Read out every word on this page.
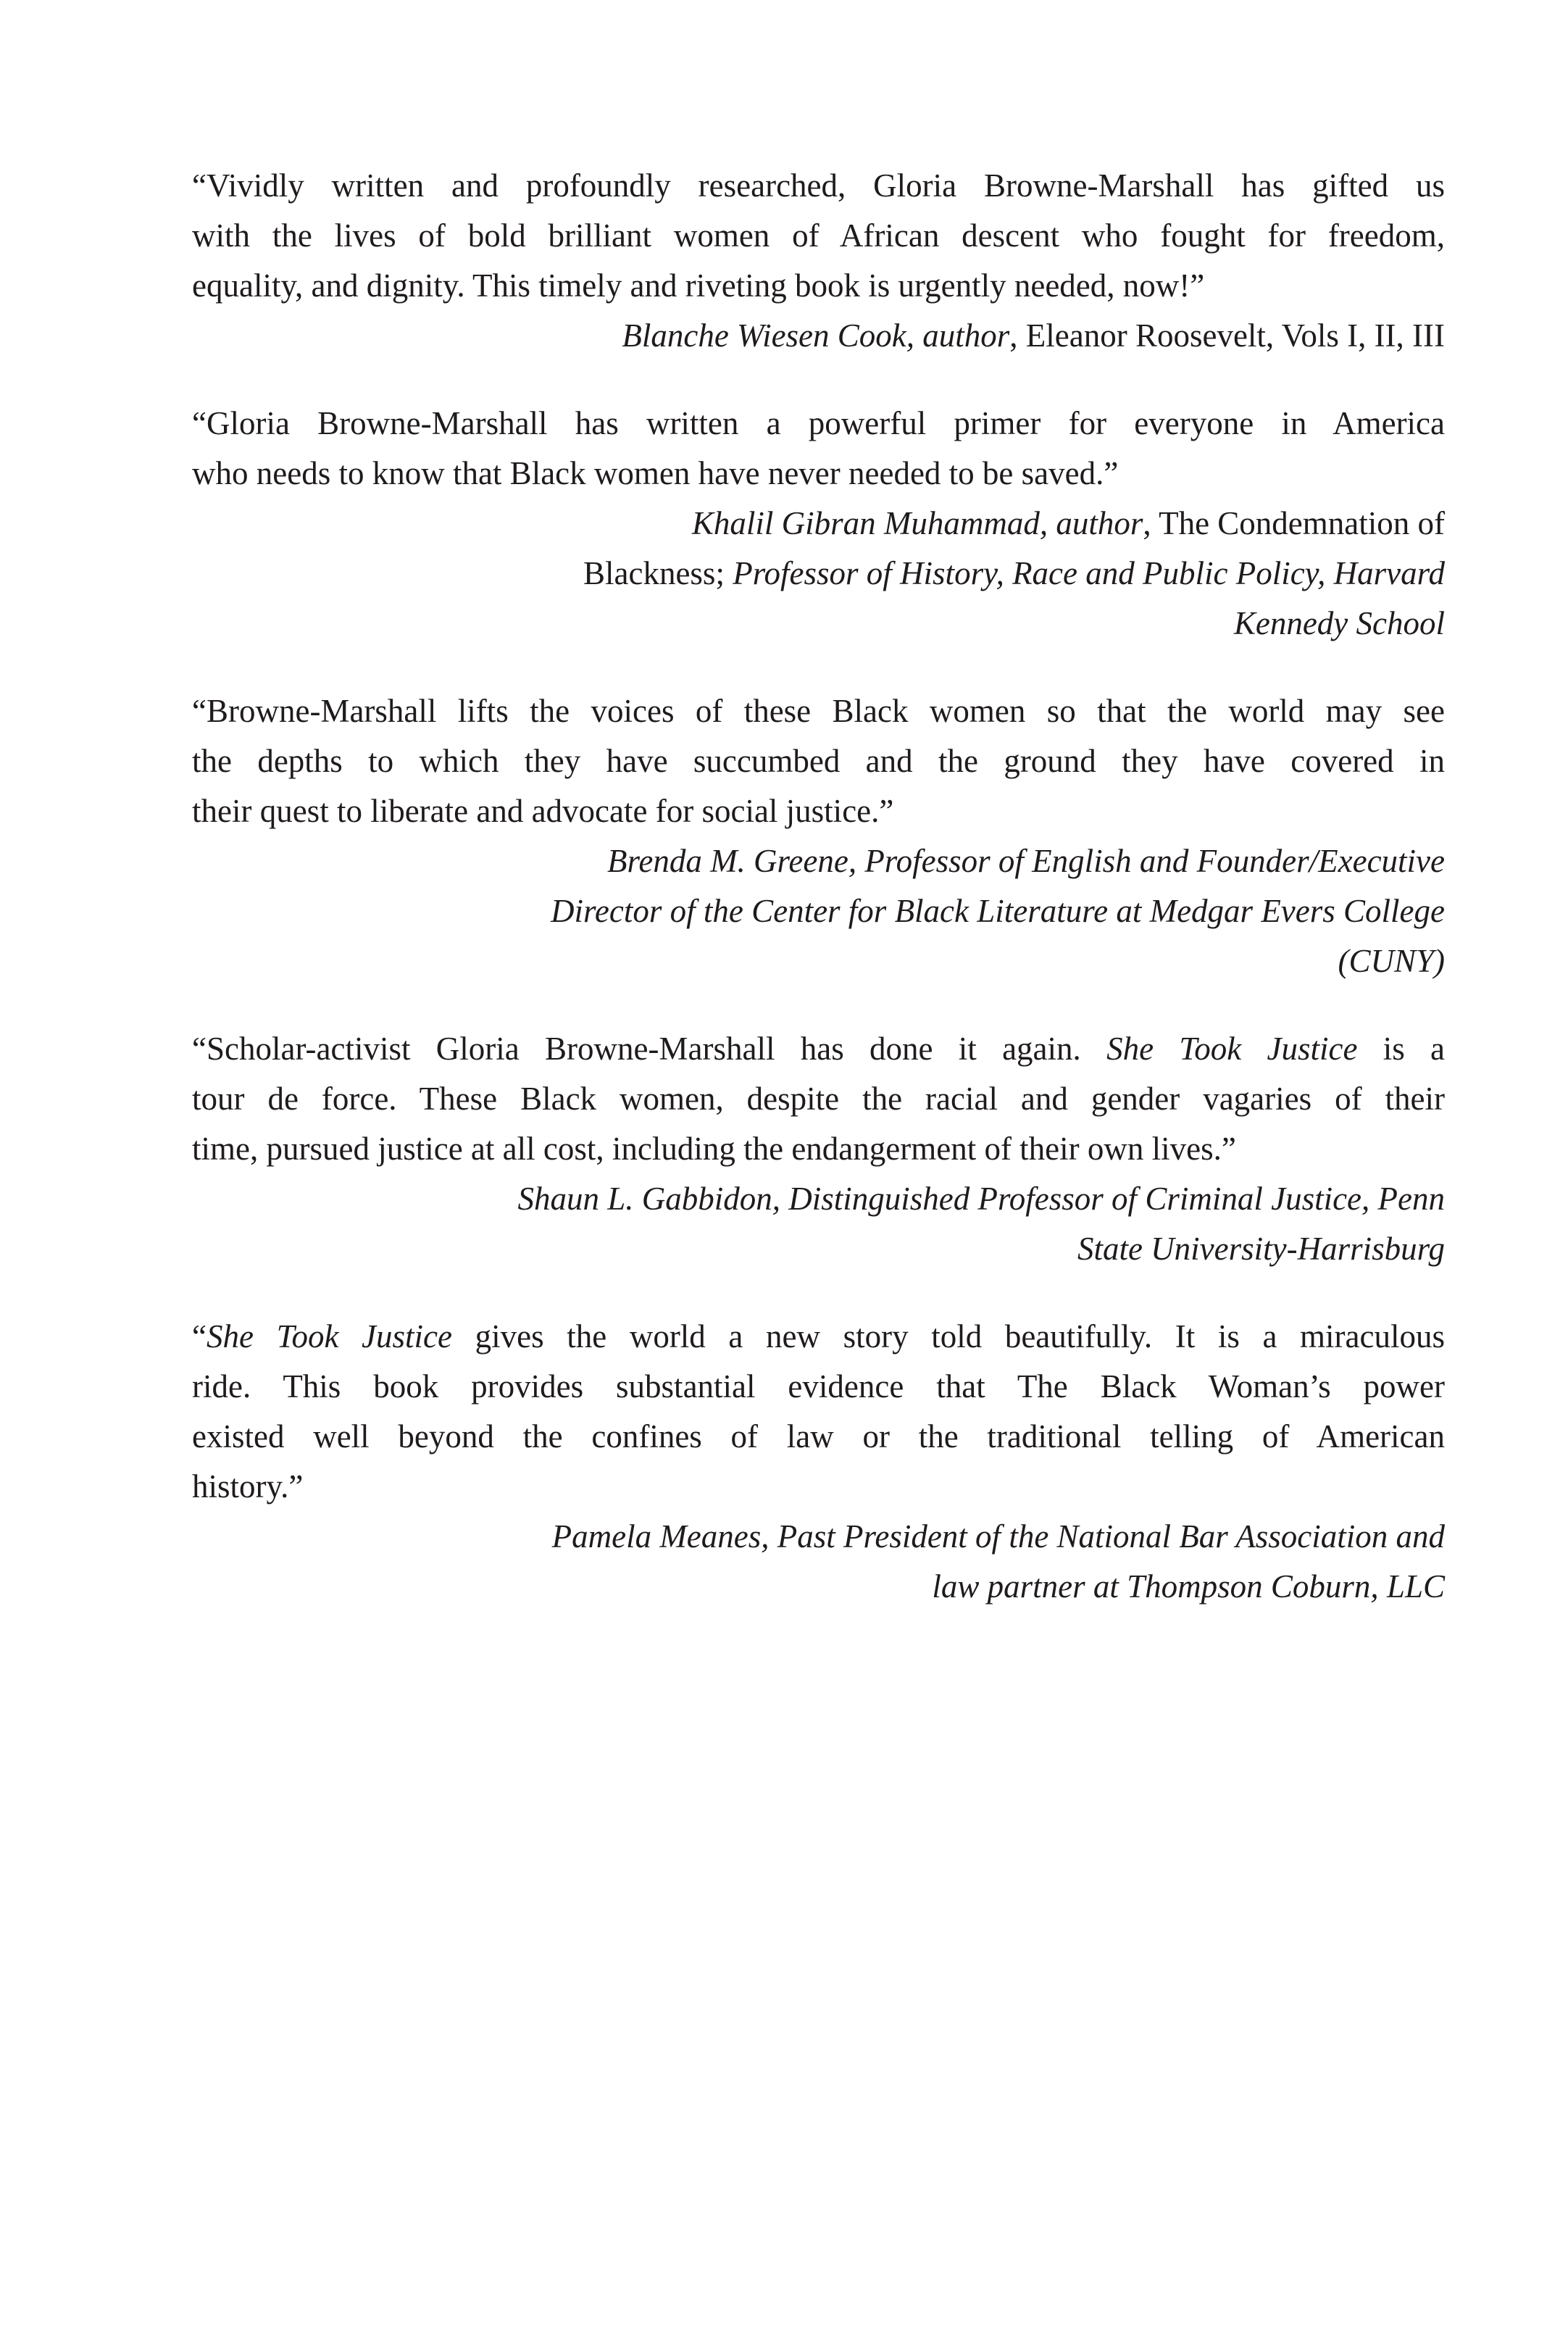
“Vividly written and profoundly researched, Gloria Browne-Marshall has gifted us
with the lives of bold brilliant women of African descent who fought for freedom,
equality, and dignity. This timely and riveting book is urgently needed, now!”
Blanche Wiesen Cook, author, Eleanor Roosevelt, Vols I, II, III
“Gloria Browne-Marshall has written a powerful primer for everyone in America
who needs to know that Black women have never needed to be saved.”
Khalil Gibran Muhammad, author, The Condemnation of
Blackness; Professor of History, Race and Public Policy, Harvard
Kennedy School
“Browne-Marshall lifts the voices of these Black women so that the world may see
the depths to which they have succumbed and the ground they have covered in
their quest to liberate and advocate for social justice.”
Brenda M. Greene, Professor of English and Founder/Executive
Director of the Center for Black Literature at Medgar Evers College
(CUNY)
“Scholar-activist Gloria Browne-Marshall has done it again. She Took Justice is a
tour de force. These Black women, despite the racial and gender vagaries of their
time, pursued justice at all cost, including the endangerment of their own lives.”
Shaun L. Gabbidon, Distinguished Professor of Criminal Justice, Penn
State University-Harrisburg
“She Took Justice gives the world a new story told beautifully. It is a miraculous
ride. This book provides substantial evidence that The Black Woman’s power
existed well beyond the confines of law or the traditional telling of American
history.”
Pamela Meanes, Past President of the National Bar Association and
law partner at Thompson Coburn, LLC
